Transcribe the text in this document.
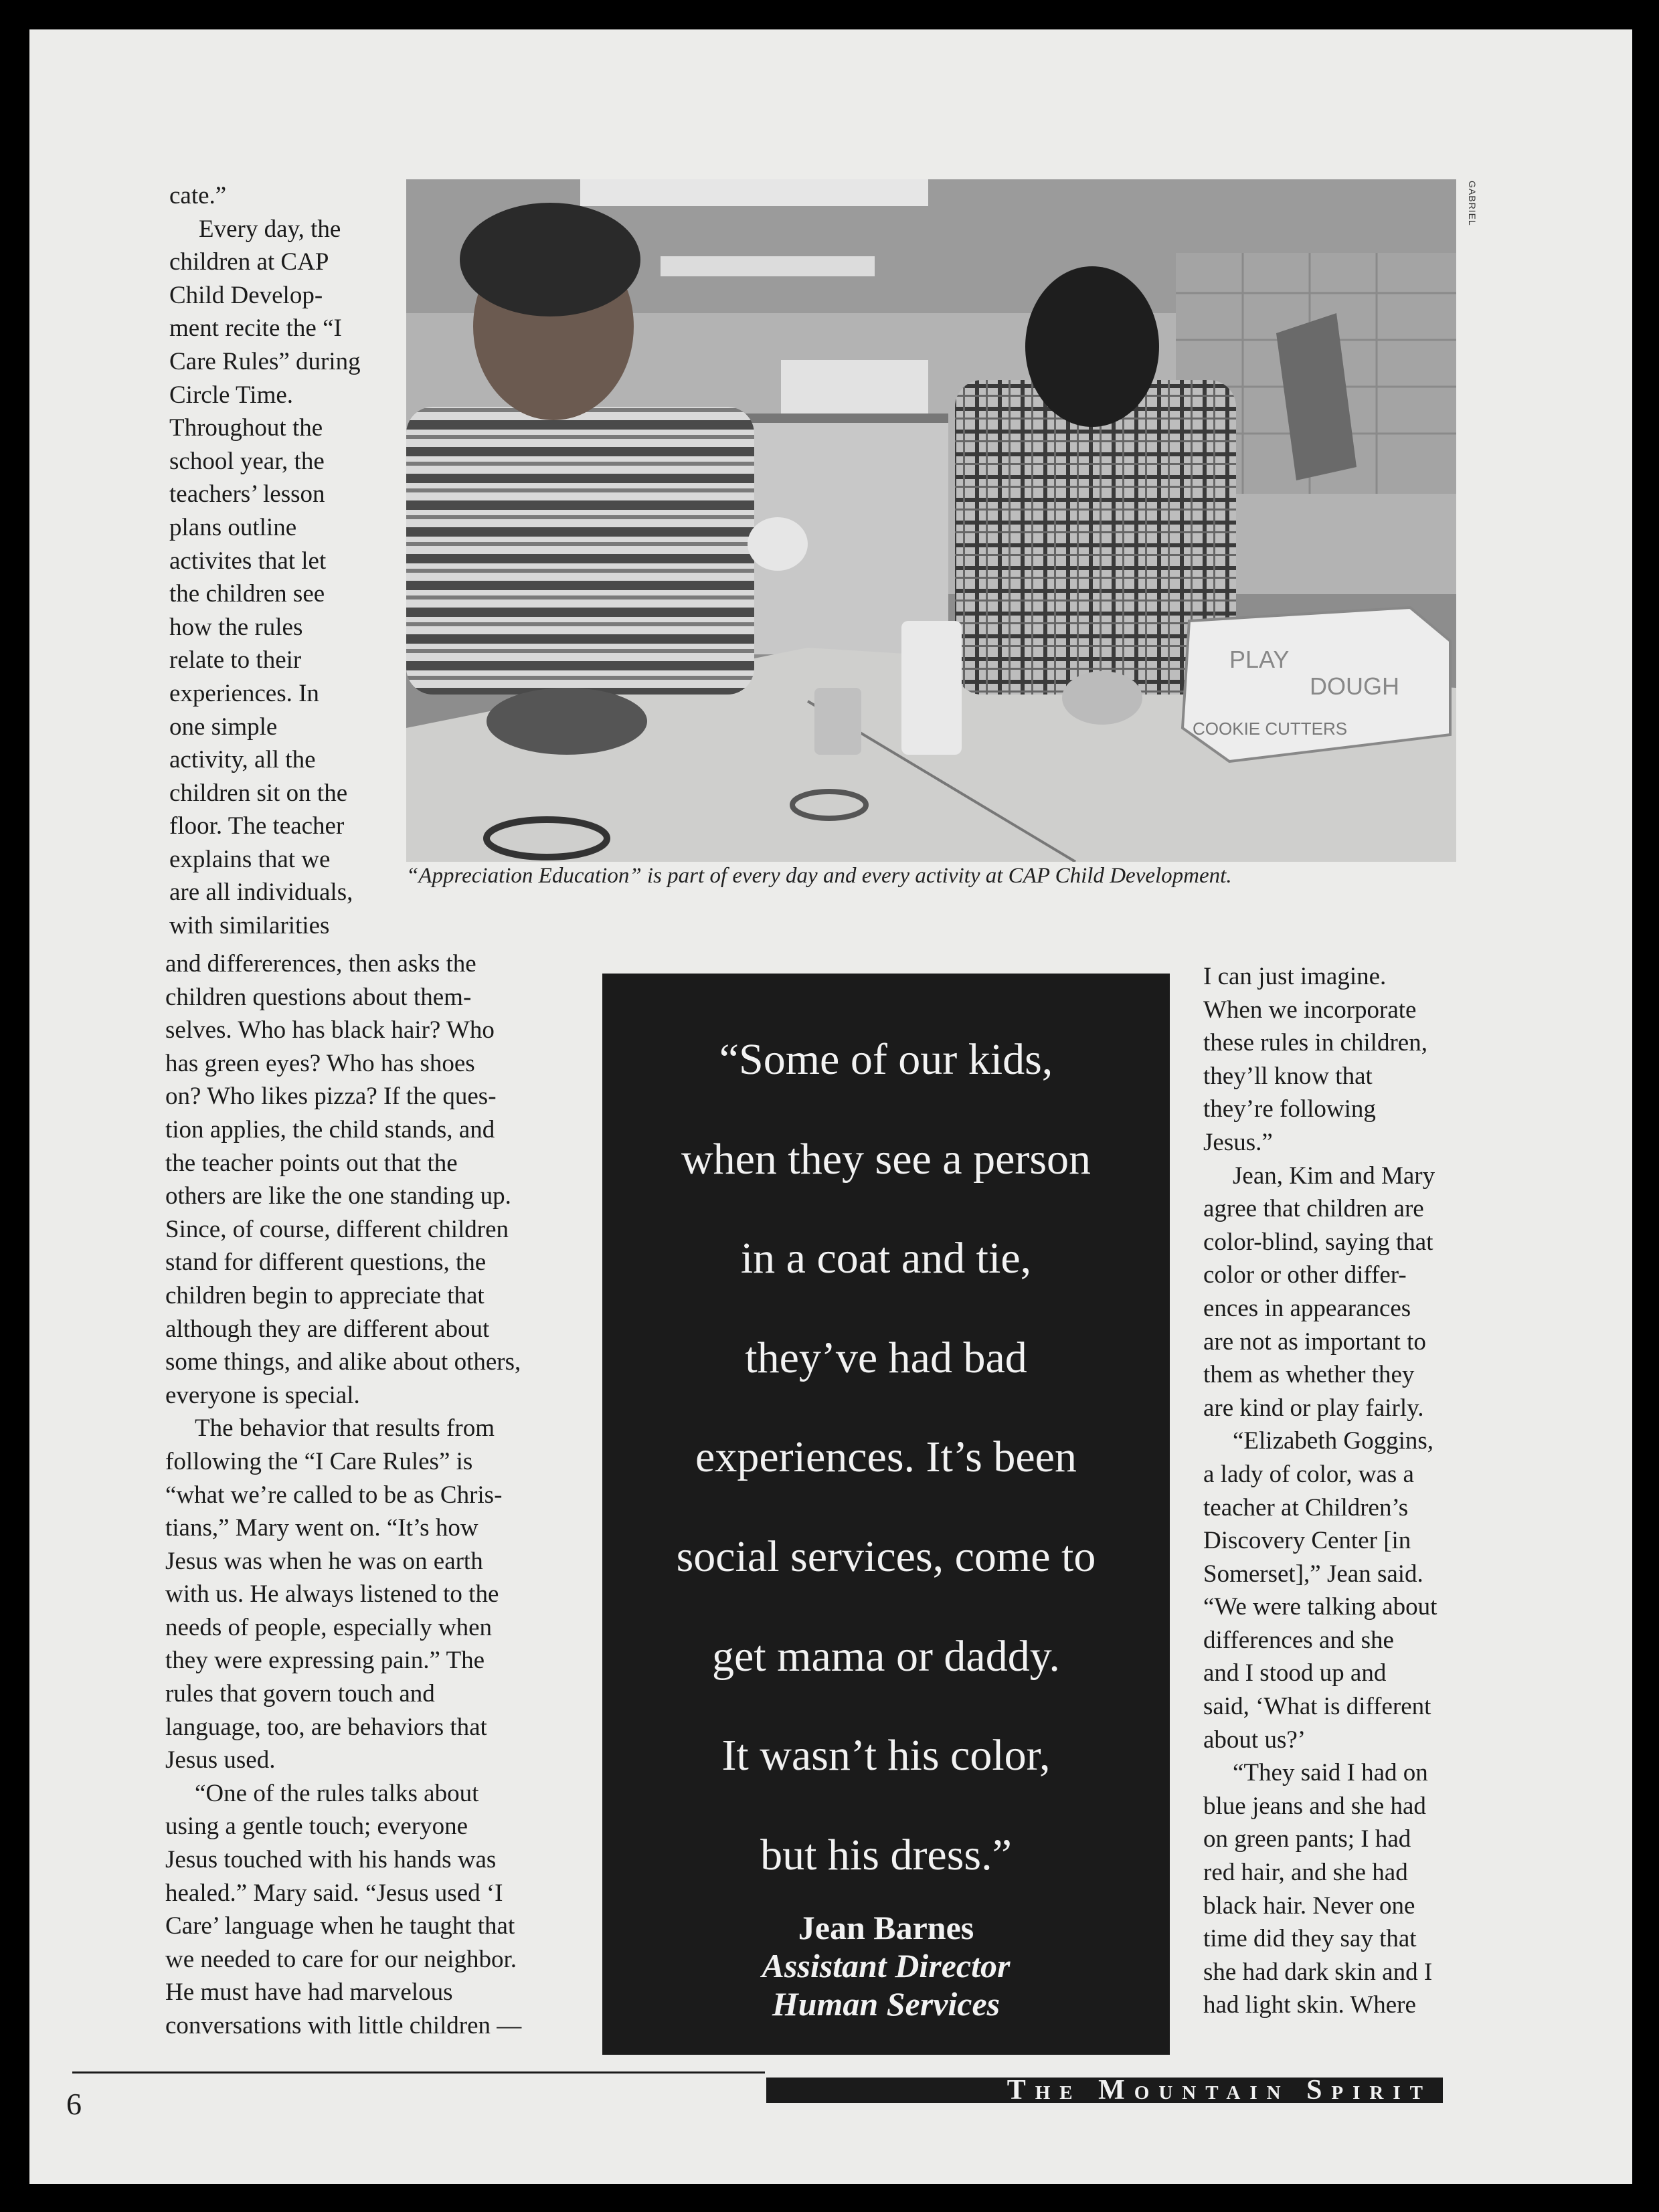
cate.”

Every day, the

children at CAP

Child Develop-

ment recite the “I

Care Rules” during

Circle Time.

Throughout the

school year, the

teachers’ lesson

plans outline

activites that let

the children see

how the rules

relate to their

experiences. In

one simple

activity, all the

children sit on the

floor. The teacher

explains that we

are all individuals,

with similarities

and differerences, then asks the

children questions about them-

selves. Who has black hair? Who

has green eyes? Who has shoes

on? Who likes pizza? If the ques-

tion applies, the child stands, and

the teacher points out that the

others are like the one standing up.

Since, of course, different children

stand for different questions, the

children begin to appreciate that

although they are different about

some things, and alike about others,

everyone is special.

The behavior that results from

following the “I Care Rules” is

“what we’re called to be as Chris-

tians,” Mary went on. “It’s how

Jesus was when he was on earth

with us. He always listened to the

needs of people, especially when

they were expressing pain.” The

rules that govern touch and

language, too, are behaviors that

Jesus used.

“One of the rules talks about

using a gentle touch; everyone

Jesus touched with his hands was

healed.” Mary said. “Jesus used ‘I

Care’ language when he taught that

we needed to care for our neighbor.

He must have had marvelous

conversations with little children —

PLAY
DOUGH
COOKIE CUTTERS
GABRIEL
“Appreciation Education” is part of every day and every activity at CAP Child Development.
“Some of our kids,
when they see a person
in a coat and tie,
they’ve had bad
experiences. It’s been
social services, come to
get mama or daddy.
It wasn’t his color,
but his dress.”
Jean Barnes
Assistant Director
Human Services

I can just imagine.

When we incorporate

these rules in children,

they’ll know that

they’re following

Jesus.”

Jean, Kim and Mary

agree that children are

color-blind, saying that

color or other differ-

ences in appearances

are not as important to

them as whether they

are kind or play fairly.

“Elizabeth Goggins,

a lady of color, was a

teacher at Children’s

Discovery Center [in

Somerset],” Jean said.

“We were talking about

differences and she

and I stood up and

said, ‘What is different

about us?’

“They said I had on

blue jeans and she had

on green pants; I had

red hair, and she had

black hair. Never one

time did they say that

she had dark skin and I

had light skin. Where

The Mountain Spirit
6
